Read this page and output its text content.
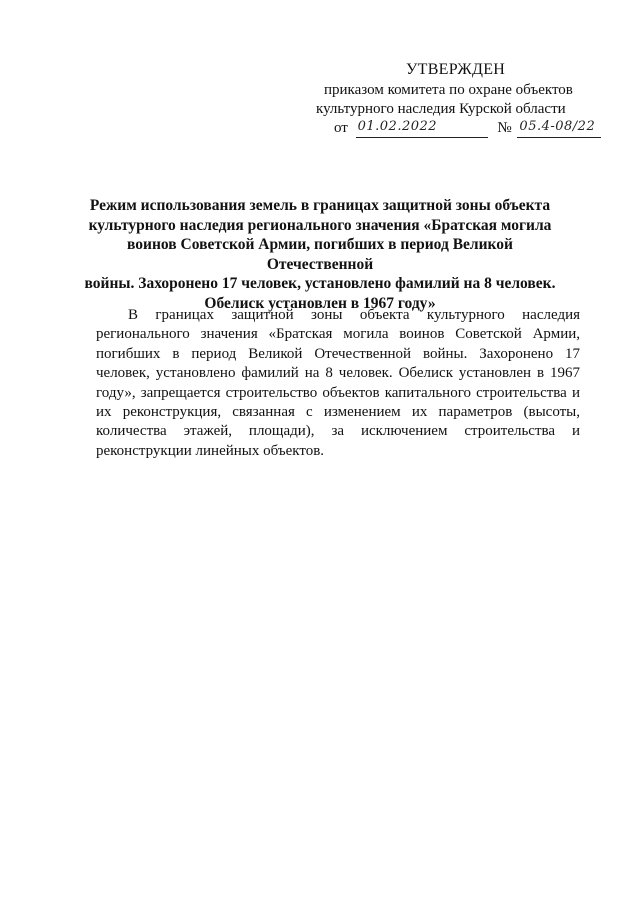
УТВЕРЖДЕН
приказом комитета по охране объектов
культурного наследия Курской области
от 01.02.2022	№ 05.4-08/22
Режим использования земель в границах защитной зоны объекта
культурного наследия регионального значения «Братская могила
воинов Советской Армии, погибших в период Великой Отечественной
войны. Захоронено 17 человек, установлено фамилий на 8 человек.
Обелиск установлен в 1967 году»

В границах защитной зоны объекта культурного наследия регионального значения «Братская могила воинов Советской Армии, погибших в период Великой Отечественной войны. Захоронено 17 человек, установлено фамилий на 8 человек. Обелиск установлен в 1967 году», запрещается строительство объектов капитального строительства и их реконструкция, связанная с изменением их параметров (высоты, количества этажей, площади), за исключением строительства и реконструкции линейных объектов.
